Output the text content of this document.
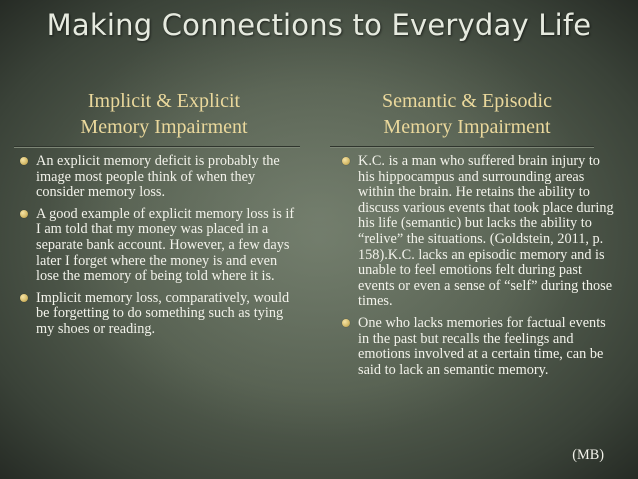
Making Connections to Everyday Life
Implicit & Explicit
Memory Impairment
Semantic & Episodic
Memory Impairment
An explicit memory deficit is probably the image most people think of when they consider memory loss.
A good example of explicit memory loss is if I am told that my money was placed in a separate bank account. However, a few days later I forget where the money is and even lose the memory of being told where it is.
Implicit memory loss, comparatively, would be forgetting to do something such as tying my shoes or reading.
K.C. is a man who suffered brain injury to his hippocampus and surrounding areas within the brain. He retains the ability to discuss various events that took place during his life (semantic) but lacks the ability to “relive” the situations. (Goldstein, 2011, p. 158).K.C. lacks an episodic memory and is unable to feel emotions felt during past events or even a sense of “self” during those times.
One who lacks memories for factual events in the past but recalls the feelings and emotions involved at a certain time, can be said to lack an semantic memory.

(MB)
